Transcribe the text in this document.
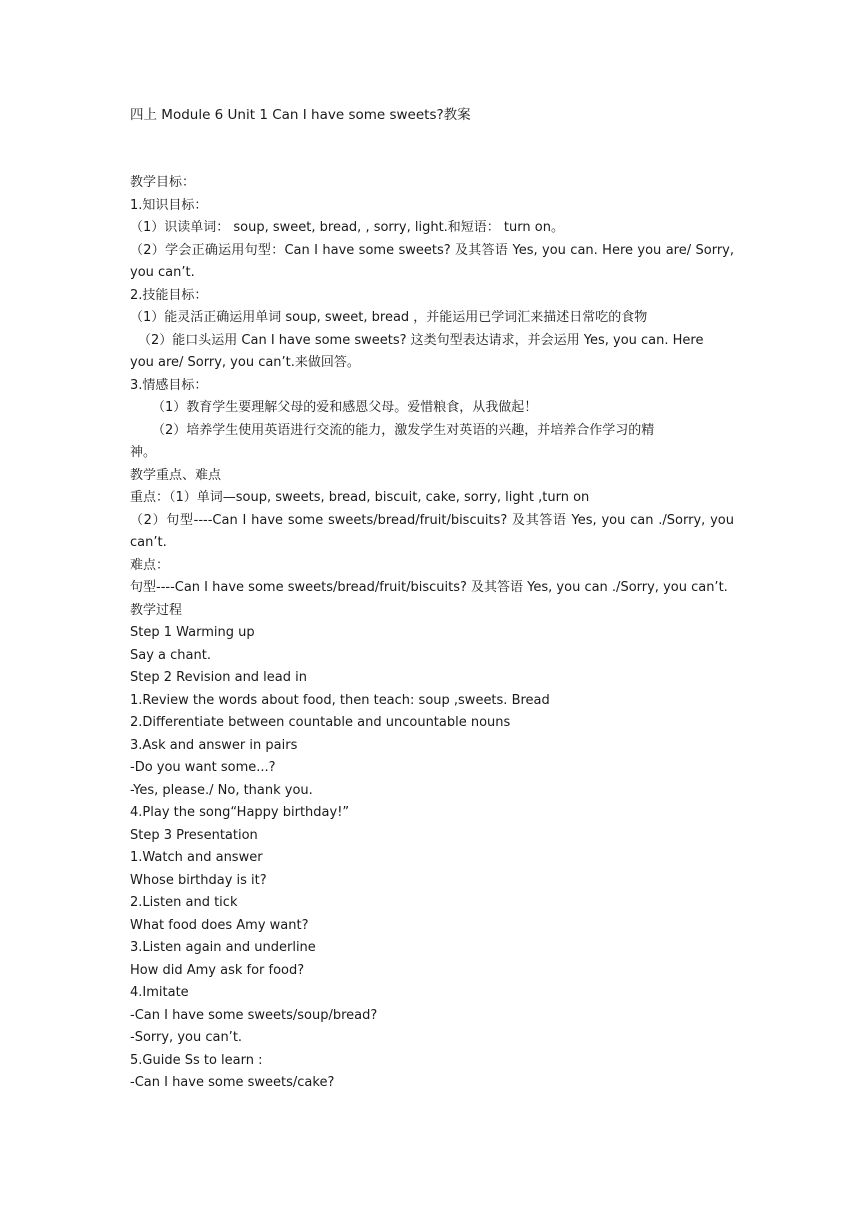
四上 Module 6 Unit 1 Can I have some sweets?教案
教学目标：
1.知识目标：
（1）识读单词： soup, sweet, bread, , sorry, light.和短语： turn on。
（2）学会正确运用句型：Can I have some sweets? 及其答语 Yes, you can. Here you are/ Sorry,
you can’t.
2.技能目标：
（1）能灵活正确运用单词 soup, sweet, bread ，并能运用已学词汇来描述日常吃的食物
（2）能口头运用 Can I have some sweets? 这类句型表达请求，并会运用 Yes, you can. Here
you are/ Sorry, you can’t.来做回答。
3.情感目标：
（1）教育学生要理解父母的爱和感恩父母。爱惜粮食，从我做起！
（2）培养学生使用英语进行交流的能力，激发学生对英语的兴趣，并培养合作学习的精
神。
教学重点、难点
重点：（1）单词—soup, sweets, bread, biscuit, cake, sorry, light ,turn on
（2）句型----Can I have some sweets/bread/fruit/biscuits? 及其答语 Yes, you can ./Sorry, you
can’t.
难点：
句型----Can I have some sweets/bread/fruit/biscuits? 及其答语 Yes, you can ./Sorry, you can’t.
教学过程
Step 1 Warming up
Say a chant.
Step 2 Revision and lead in
1.Review the words about food, then teach: soup ,sweets. Bread
2.Differentiate between countable and uncountable nouns
3.Ask and answer in pairs
-Do you want some...?
-Yes, please./ No, thank you.
4.Play the song“Happy birthday!”
Step 3 Presentation
1.Watch and answer
Whose birthday is it?
2.Listen and tick
What food does Amy want?
3.Listen again and underline
How did Amy ask for food?
4.Imitate
-Can I have some sweets/soup/bread?
-Sorry, you can’t.
5.Guide Ss to learn :
-Can I have some sweets/cake?
